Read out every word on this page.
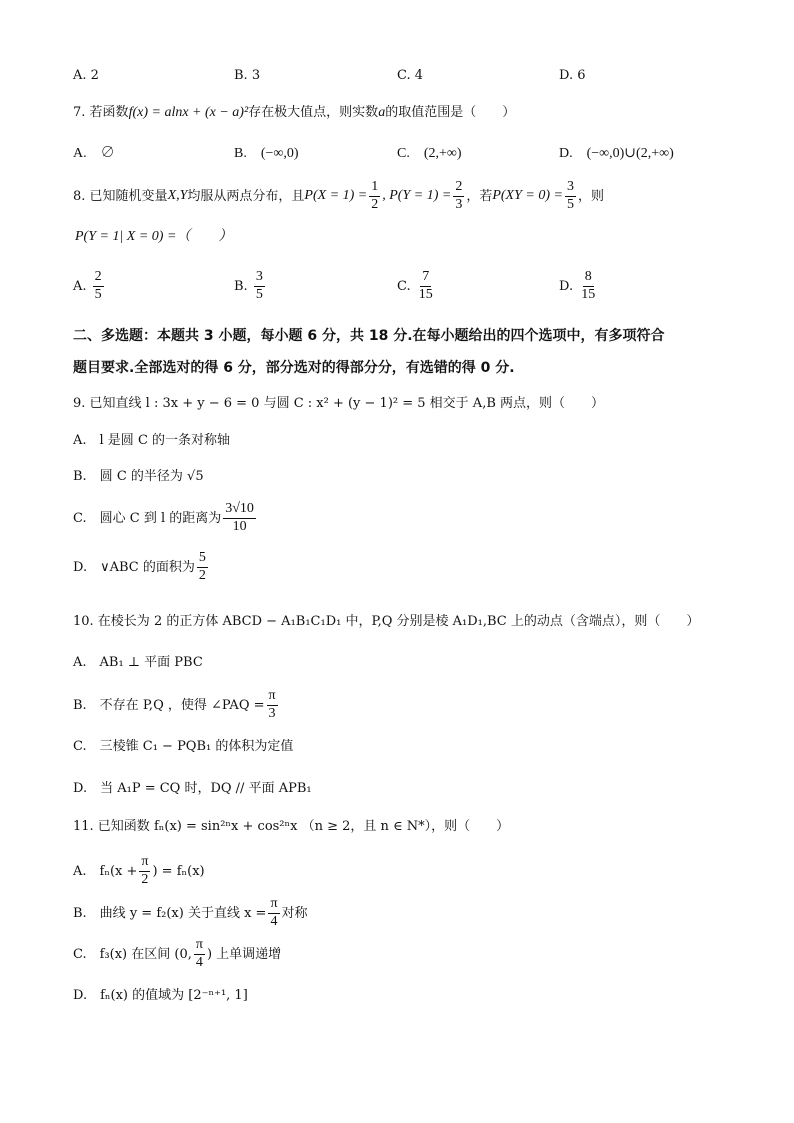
A. 2	B. 3	C. 4	D. 6
7. 若函数f(x) = alnx + (x − a)²存在极大值点，则实数a的取值范围是（　　）
A.　∅	B.　(−∞,0)	C.　(2,+∞)	D.　(−∞,0)∪(2,+∞)
8.
已知随机变量 X,Y 均服从两点分布，且 $P(X = 1) = \frac{1}{2}$ , $P(Y = 1) = \frac{2}{3}$ ，若 $P(XY = 0) = \frac{3}{5}$ ，则
P(Y = 1| X = 0) =（　　）
A.
$\frac{2}{5}$	B.
$\frac{3}{5}$	C.
$\frac{7}{15}$	D.
$\frac{8}{15}$
二、多选题：本题共 3 小题，每小题 6 分，共 18 分.在每小题给出的四个选项中，有多项符合
题目要求.全部选对的得 6 分，部分选对的得部分分，有选错的得 0 分.
9. 已知直线 l : 3x + y − 6 = 0 与圆 C : x² + (y − 1)² = 5 相交于 A,B 两点，则（　　）
A.　l 是圆 C 的一条对称轴
B.　圆 C 的半径为 √5
C.　圆心 C 到 l 的距离为 $\frac{3√10}{10}$
D.　∨ABC 的面积为 $\frac{5}{2}$
10. 在棱长为 2 的正方体 ABCD − A₁B₁C₁D₁ 中，P,Q 分别是棱 A₁D₁,BC 上的动点（含端点），则（　　）
A.　AB₁ ⊥ 平面 PBC
B.　不存在 P,Q ，使得 ∠PAQ = $\frac{\pi}{3}$
C.　三棱锥 C₁ − PQB₁ 的体积为定值
D.　当 A₁P = CQ 时，DQ // 平面 APB₁
11. 已知函数 fₙ(x) = sin²ⁿx + cos²ⁿx （n ≥ 2，且 n ∈ N*），则（　　）
A.　$f_n(x + \frac{\pi}{2}$ ) = fₙ(x)
B.　曲线 y = f₂(x) 关于直线 $x = \frac{\pi}{4}$ 对称
C.　f₃(x) 在区间 (0, $\frac{\pi}{4}$ ) 上单调递增
D.　fₙ(x) 的值域为 [2⁻ⁿ⁺¹, 1]
